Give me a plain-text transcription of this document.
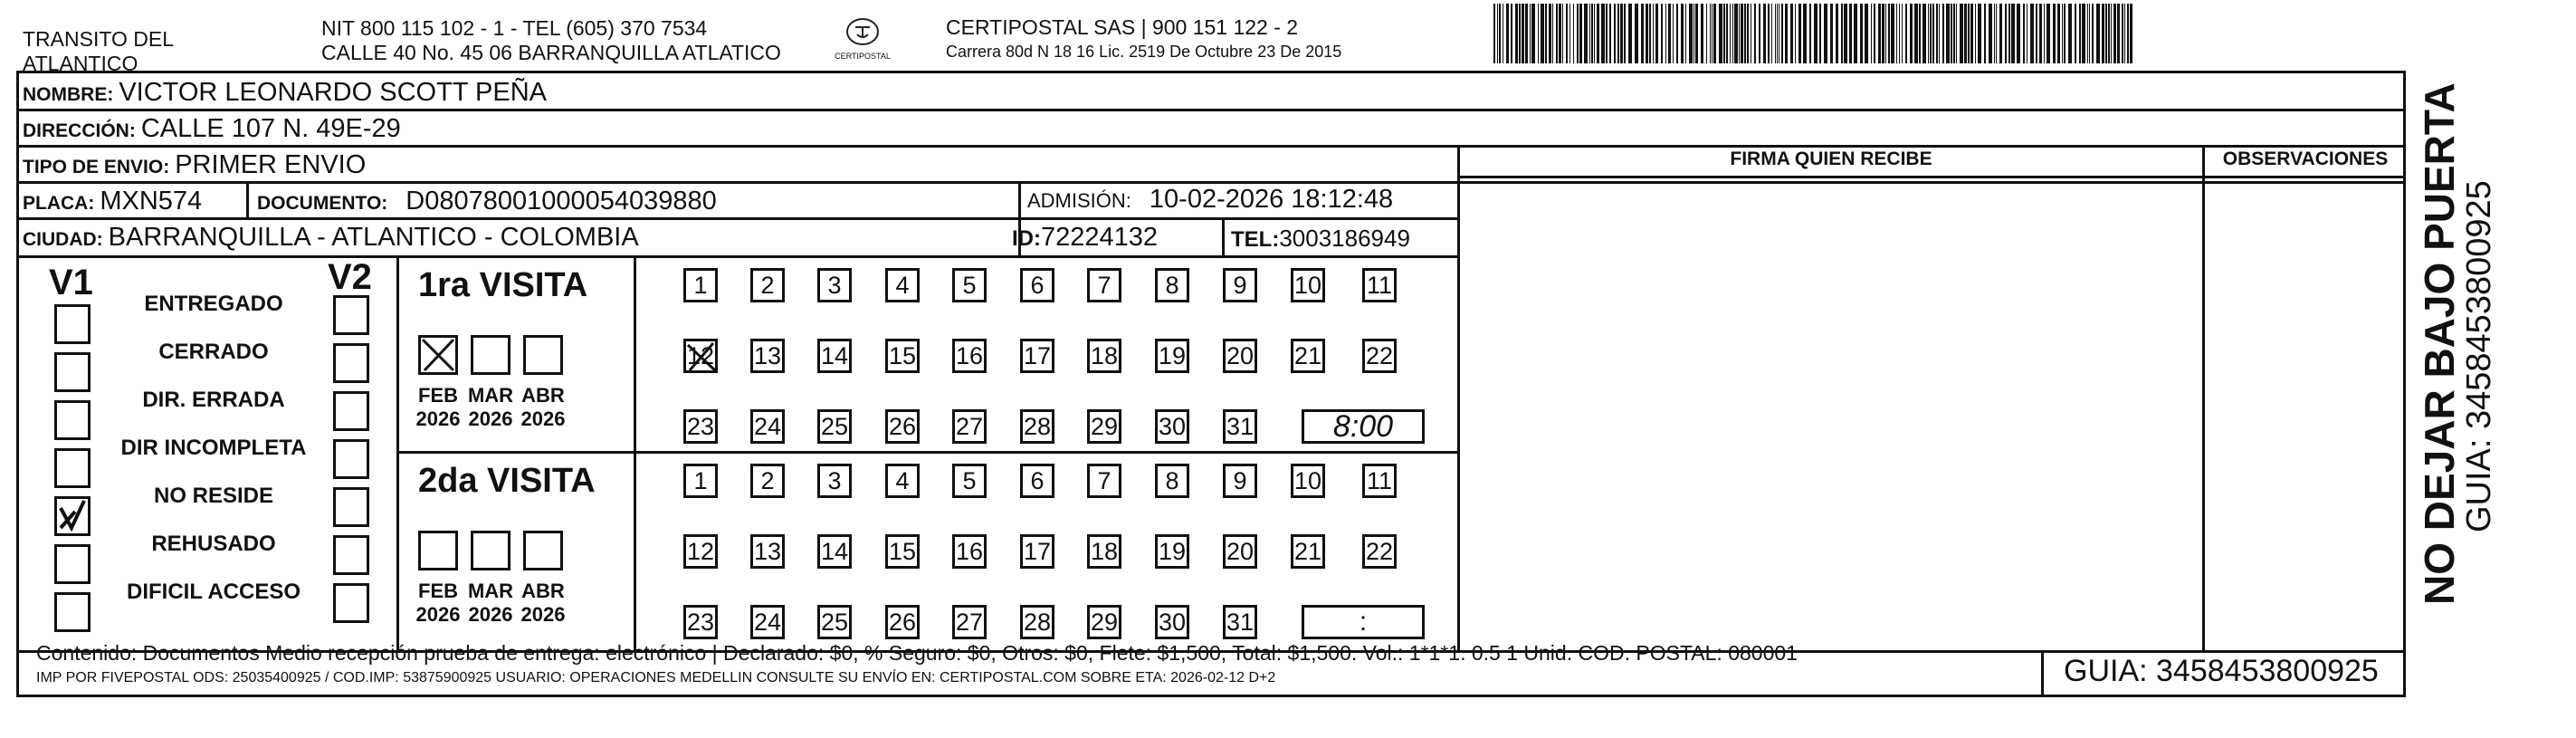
TRANSITO DEL
ATLANTICO
NIT 800 115 102 - 1 - TEL (605) 370 7534
CALLE 40 No. 45 06 BARRANQUILLA ATLATICO	CERTIPOSTAL
CERTIPOSTAL SAS | 900 151 122 - 2
Carrera 80d N 18 16 Lic. 2519 De Octubre 23 De 2015
NOMBRE: VICTOR LEONARDO SCOTT PEÑA
DIRECCIÓN: CALLE 107 N. 49E-29
TIPO DE ENVIO: PRIMER ENVIO	FIRMA QUIEN RECIBE	OBSERVACIONES
PLACA: MXN574	DOCUMENTO: D08078001000054039880	ADMISIÓN: 10-02-2026 18:12:48
CIUDAD: BARRANQUILLA - ATLANTICO - COLOMBIA	ID: 72224132	TEL: 3003186949
V1	V2
ENTREGADO
CERRADO
DIR. ERRADA
DIR INCOMPLETA
NO RESIDE
REHUSADO
DIFICIL ACCESO
1ra VISITA
FEB
2026
MAR
2026
ABR
2026
1 2 3 4 5 6 7 8 9 10 11
12 13 14 15 16 17 18 19 20 21 22
23 24 25 26 27 28 29 30 31	8:00
2da VISITA
FEB
2026
MAR
2026
ABR
2026
1 2 3 4 5 6 7 8 9 10 11
12 13 14 15 16 17 18 19 20 21 22
23 24 25 26 27 28 29 30 31	:
Contenido: Documentos Medio recepción prueba de entrega: electrónico | Declarado: $0, % Seguro: $0, Otros: $0, Flete: $1,500, Total: $1,500. Vol.: 1*1*1. 0.5 1 Unid. COD. POSTAL: 080001
IMP POR FIVEPOSTAL ODS: 25035400925 / COD.IMP: 53875900925 USUARIO: OPERACIONES MEDELLIN CONSULTE SU ENVÍO EN: CERTIPOSTAL.COM SOBRE ETA: 2026-02-12 D+2	GUIA: 3458453800925
NO DEJAR BAJO PUERTA
GUIA: 3458453800925
